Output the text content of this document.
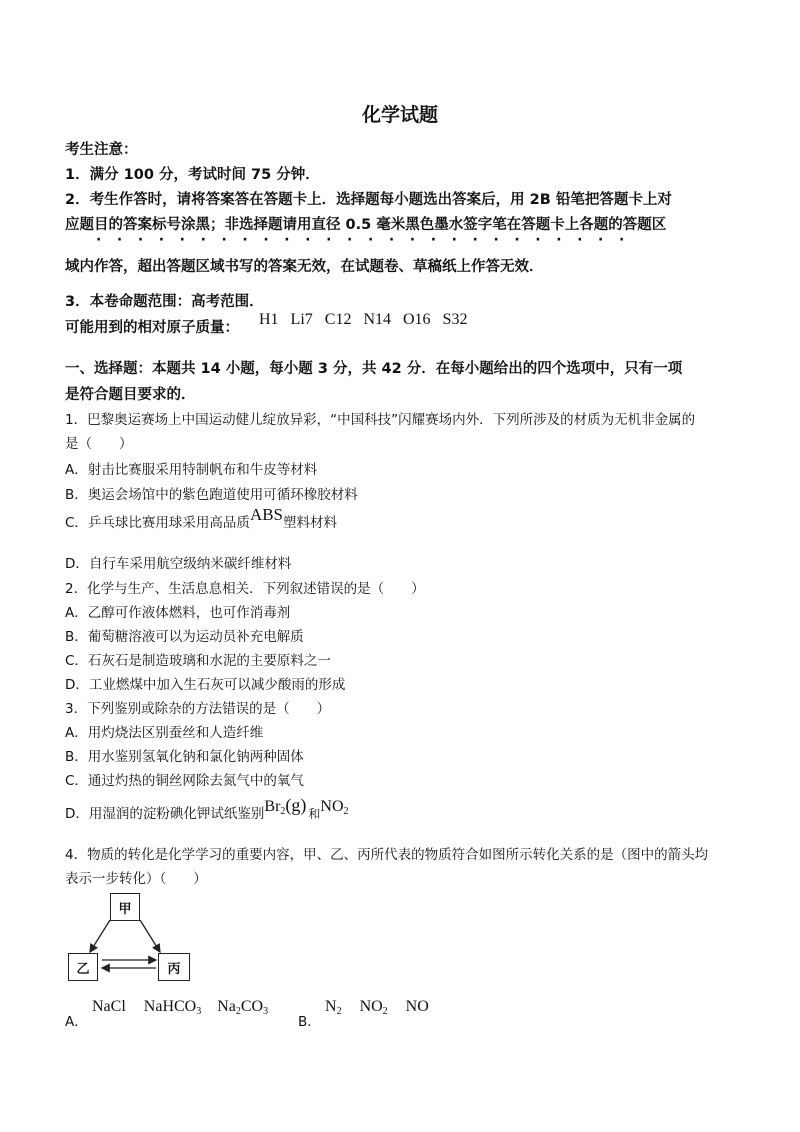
化学试题
考生注意：
1．满分 100 分，考试时间 75 分钟．
2．考生作答时，请将答案答在答题卡上．选择题每小题选出答案后，用 2B 铅笔把答题卡上对
应题目的答案标号涂黑；非选择题请用直径 0.5 毫米黑色墨水签字笔在答题卡上各题的答题区
··························
域内作答，超出答题区域书写的答案无效，在试题卷、草稿纸上作答无效．
3．本卷命题范围：高考范围．
可能用到的相对原子质量： H1   Li7   C12   N14   O16   S32
一、选择题：本题共 14 小题，每小题 3 分，共 42 分．在每小题给出的四个选项中，只有一项
是符合题目要求的．
1．巴黎奥运赛场上中国运动健儿绽放异彩，“中国科技”闪耀赛场内外．下列所涉及的材质为无机非金属的
是（　　）
A．射击比赛服采用特制帆布和牛皮等材料
B．奥运会场馆中的紫色跑道使用可循环橡胶材料
C．乒乓球比赛用球采用高品质ABS塑料材料
D．自行车采用航空级纳米碳纤维材料
2．化学与生产、生活息息相关．下列叙述错误的是（　　）
A．乙醇可作液体燃料，也可作消毒剂
B．葡萄糖溶液可以为运动员补充电解质
C．石灰石是制造玻璃和水泥的主要原料之一
D．工业燃煤中加入生石灰可以减少酸雨的形成
3．下列鉴别或除杂的方法错误的是（　　）
A．用灼烧法区别蚕丝和人造纤维
B．用水鉴别氢氧化钠和氯化钠两种固体
C．通过灼热的铜丝网除去氮气中的氧气
D．用湿润的淀粉碘化钾试纸鉴别$Br_2(g)$ 和$NO_2$
4．物质的转化是化学学习的重要内容，甲、乙、丙所代表的物质符合如图所示转化关系的是（图中的箭头均
表示一步转化）（　　）
甲
乙	丙
A．
NaCl NaHCO$_3$ $Na_2CO_3$
B．
$N_2$ $NO_2$ NO
